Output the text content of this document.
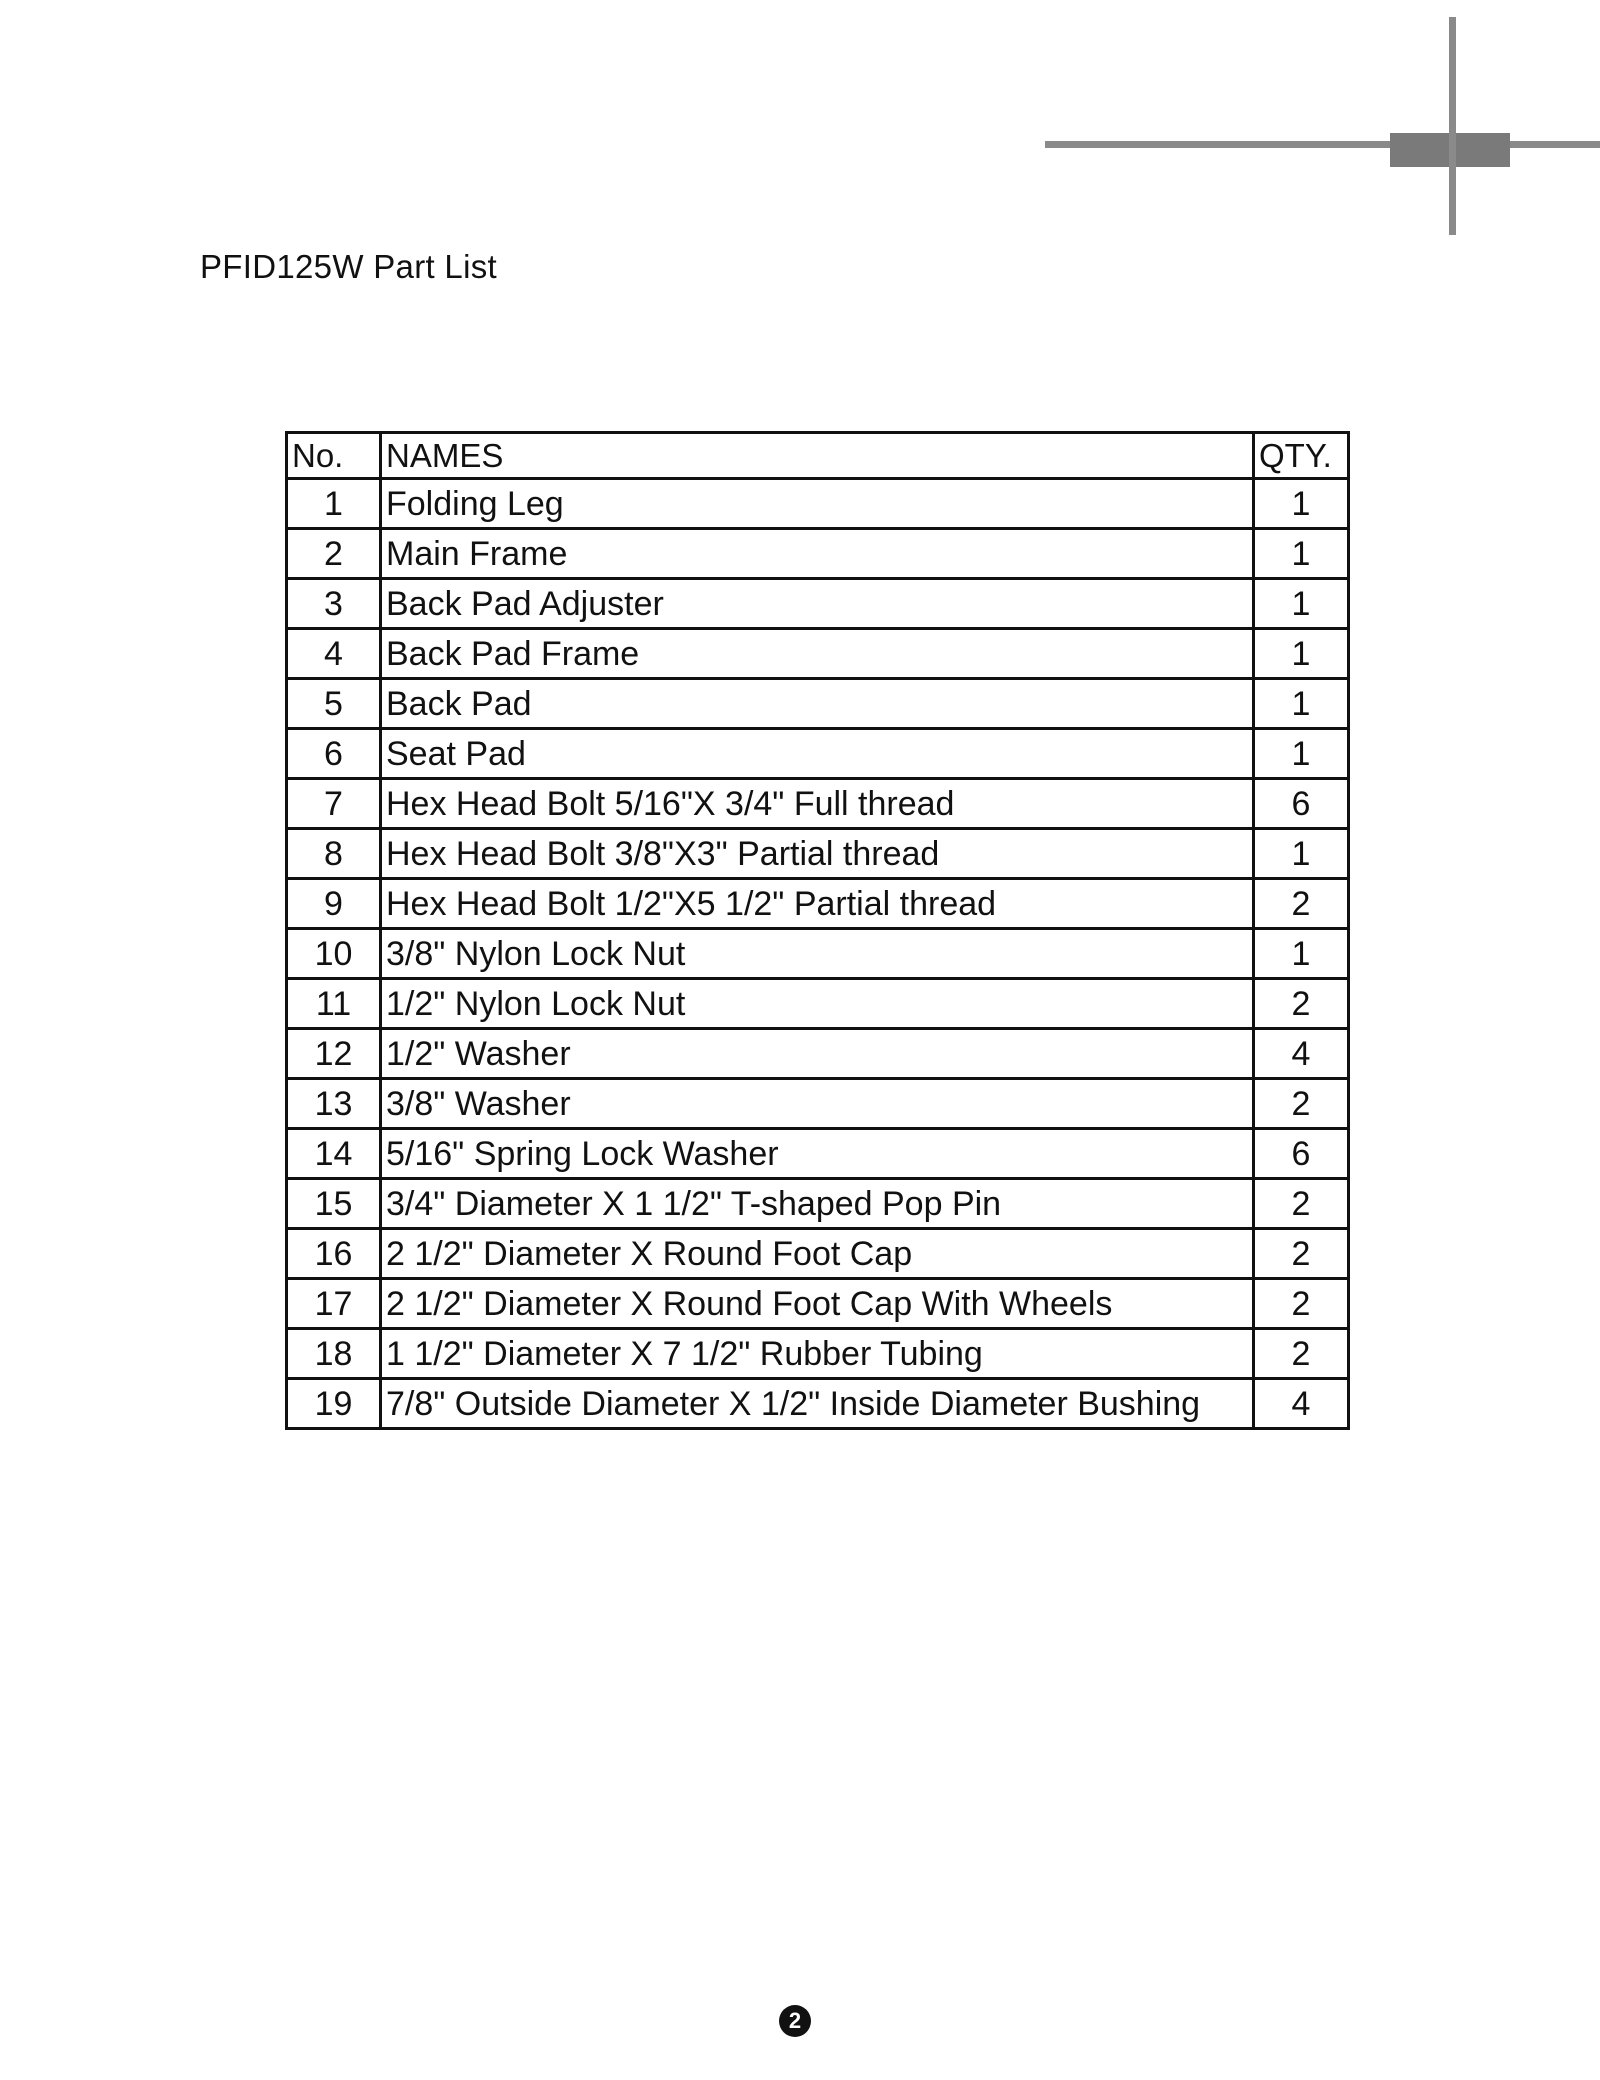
PFID125W Part List
No.	NAMES	QTY.
1	Folding Leg	1
2	Main Frame	1
3	Back Pad Adjuster	1
4	Back Pad Frame	1
5	Back Pad	1
6	Seat Pad	1
7	Hex Head Bolt 5/16"X 3/4" Full thread	6
8	Hex Head Bolt 3/8"X3" Partial thread	1
9	Hex Head Bolt 1/2"X5 1/2" Partial thread	2
10	3/8" Nylon Lock Nut	1
11	1/2" Nylon Lock Nut	2
12	1/2" Washer	4
13	3/8" Washer	2
14	5/16" Spring Lock Washer	6
15	3/4" Diameter X 1 1/2" T-shaped Pop Pin	2
16	2 1/2" Diameter X Round Foot Cap	2
17	2 1/2" Diameter X Round Foot Cap With Wheels	2
18	1 1/2" Diameter X 7 1/2" Rubber Tubing	2
19	7/8" Outside Diameter X 1/2" Inside Diameter Bushing	4
2
